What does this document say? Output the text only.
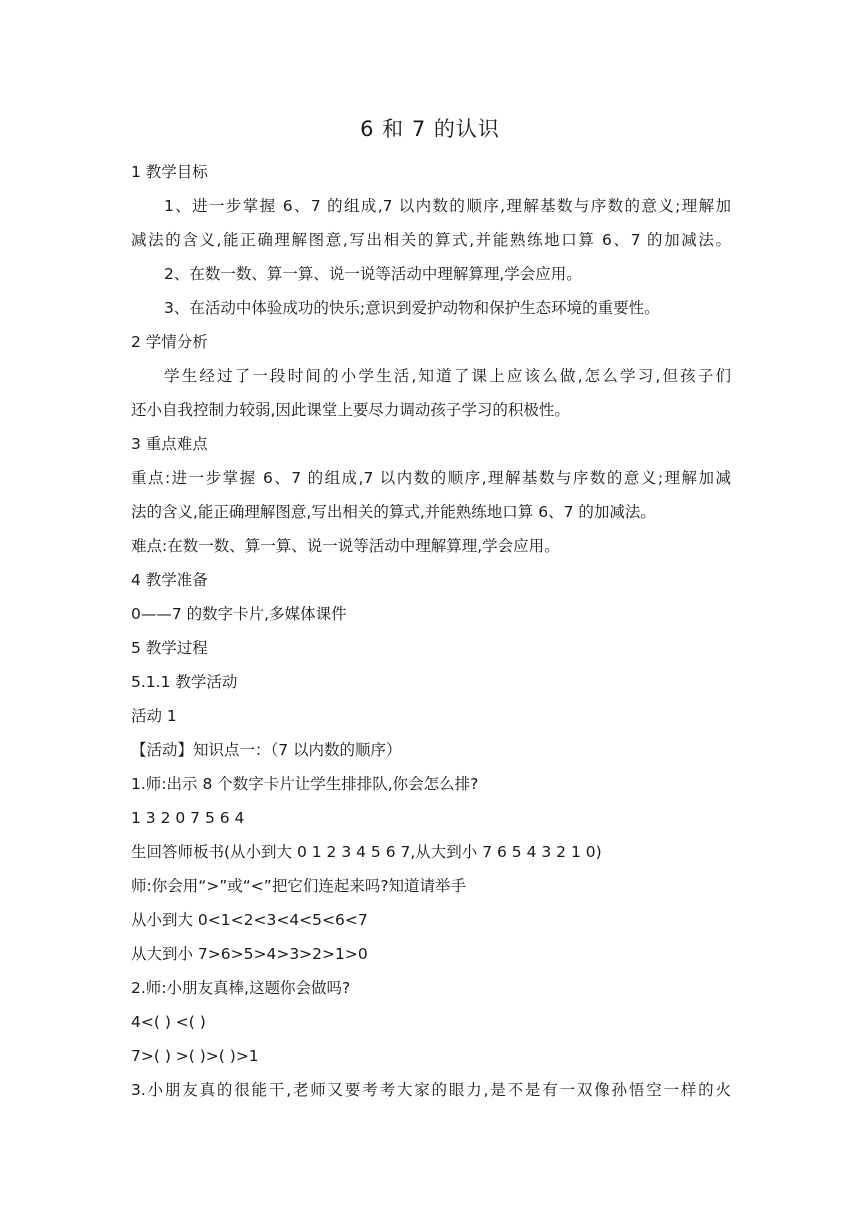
6 和 7 的认识
1 教学目标
1、进一步掌握 6、7 的组成,7 以内数的顺序,理解基数与序数的意义;理解加
减法的含义,能正确理解图意,写出相关的算式,并能熟练地口算 6、7 的加减法。
2、在数一数、算一算、说一说等活动中理解算理,学会应用。
3、在活动中体验成功的快乐;意识到爱护动物和保护生态环境的重要性。
2 学情分析
学生经过了一段时间的小学生活,知道了课上应该么做,怎么学习,但孩子们
还小自我控制力较弱,因此课堂上要尽力调动孩子学习的积极性。
3 重点难点
重点:进一步掌握 6、7 的组成,7 以内数的顺序,理解基数与序数的意义;理解加减
法的含义,能正确理解图意,写出相关的算式,并能熟练地口算 6、7 的加减法。
难点:在数一数、算一算、说一说等活动中理解算理,学会应用。
4 教学准备
0——7 的数字卡片,多媒体课件
5 教学过程
5.1.1 教学活动
活动 1
【活动】知识点一：（7 以内数的顺序）
1.师:出示 8 个数字卡片让学生排排队,你会怎么排?
1 3 2 0 7 5 6 4
生回答师板书(从小到大 0 1 2 3 4 5 6 7,从大到小 7 6 5 4 3 2 1 0)
师:你会用“>”或“<”把它们连起来吗?知道请举手
从小到大 0<1<2<3<4<5<6<7
从大到小 7>6>5>4>3>2>1>0
2.师:小朋友真棒,这题你会做吗?
4<( ) <( )
7>( ) >( )>( )>1
3.小朋友真的很能干,老师又要考考大家的眼力,是不是有一双像孙悟空一样的火
